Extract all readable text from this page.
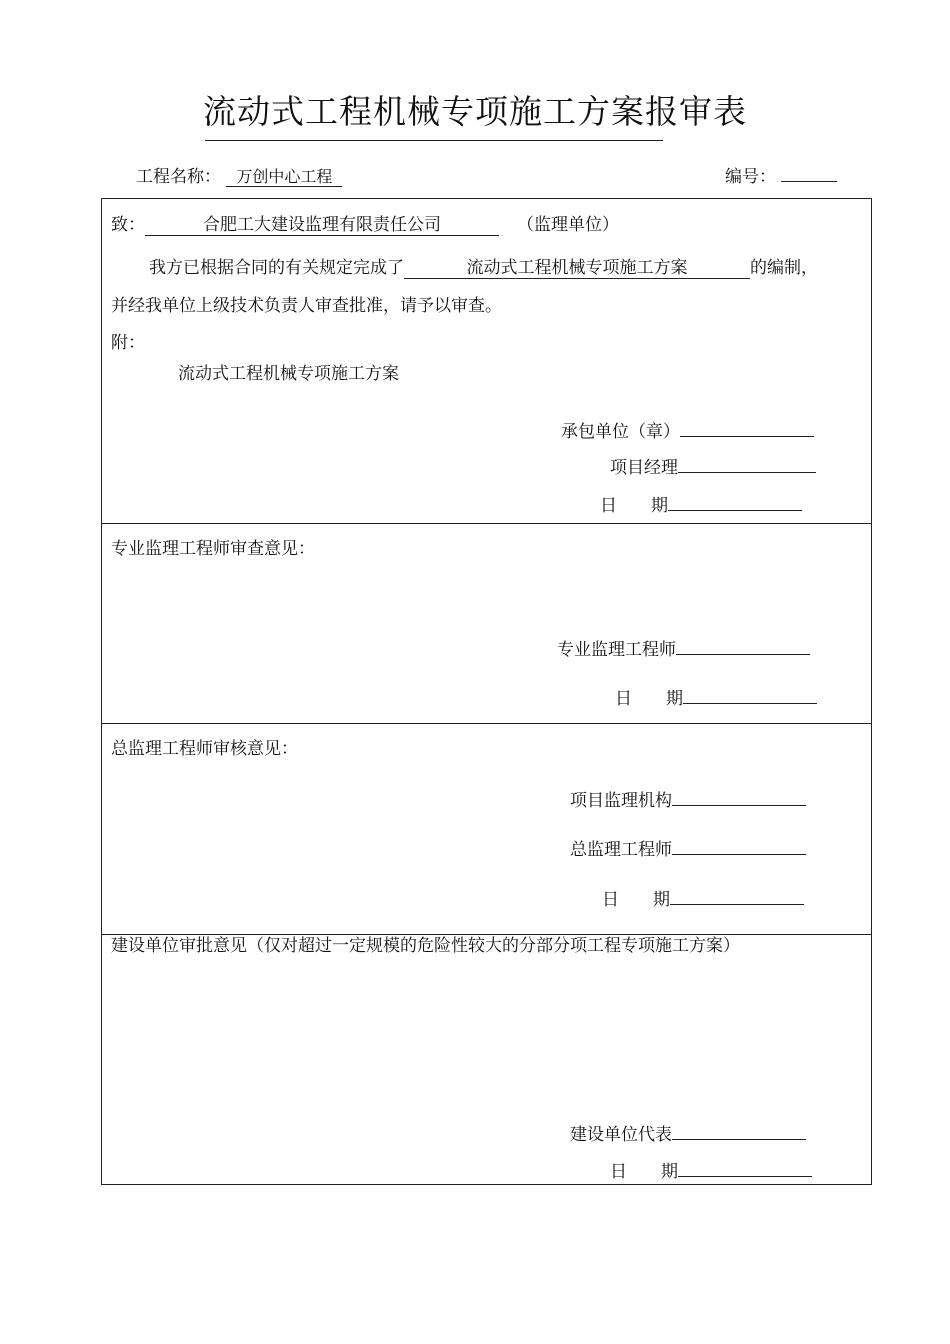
流动式工程机械专项施工方案报审表
工程名称： 万创中心工程	编号：
致：	合肥工大建设监理有限责任公司	（监理单位）
我方已根据合同的有关规定完成了	流动式工程机械专项施工方案	的编制，
并经我单位上级技术负责人审查批准，请予以审查。
附：
流动式工程机械专项施工方案
承包单位（章）
项目经理
日　　期
专业监理工程师审查意见：
专业监理工程师
日　　期
总监理工程师审核意见：
项目监理机构
总监理工程师
日　　期
建设单位审批意见（仅对超过一定规模的危险性较大的分部分项工程专项施工方案）
建设单位代表
日　　期
